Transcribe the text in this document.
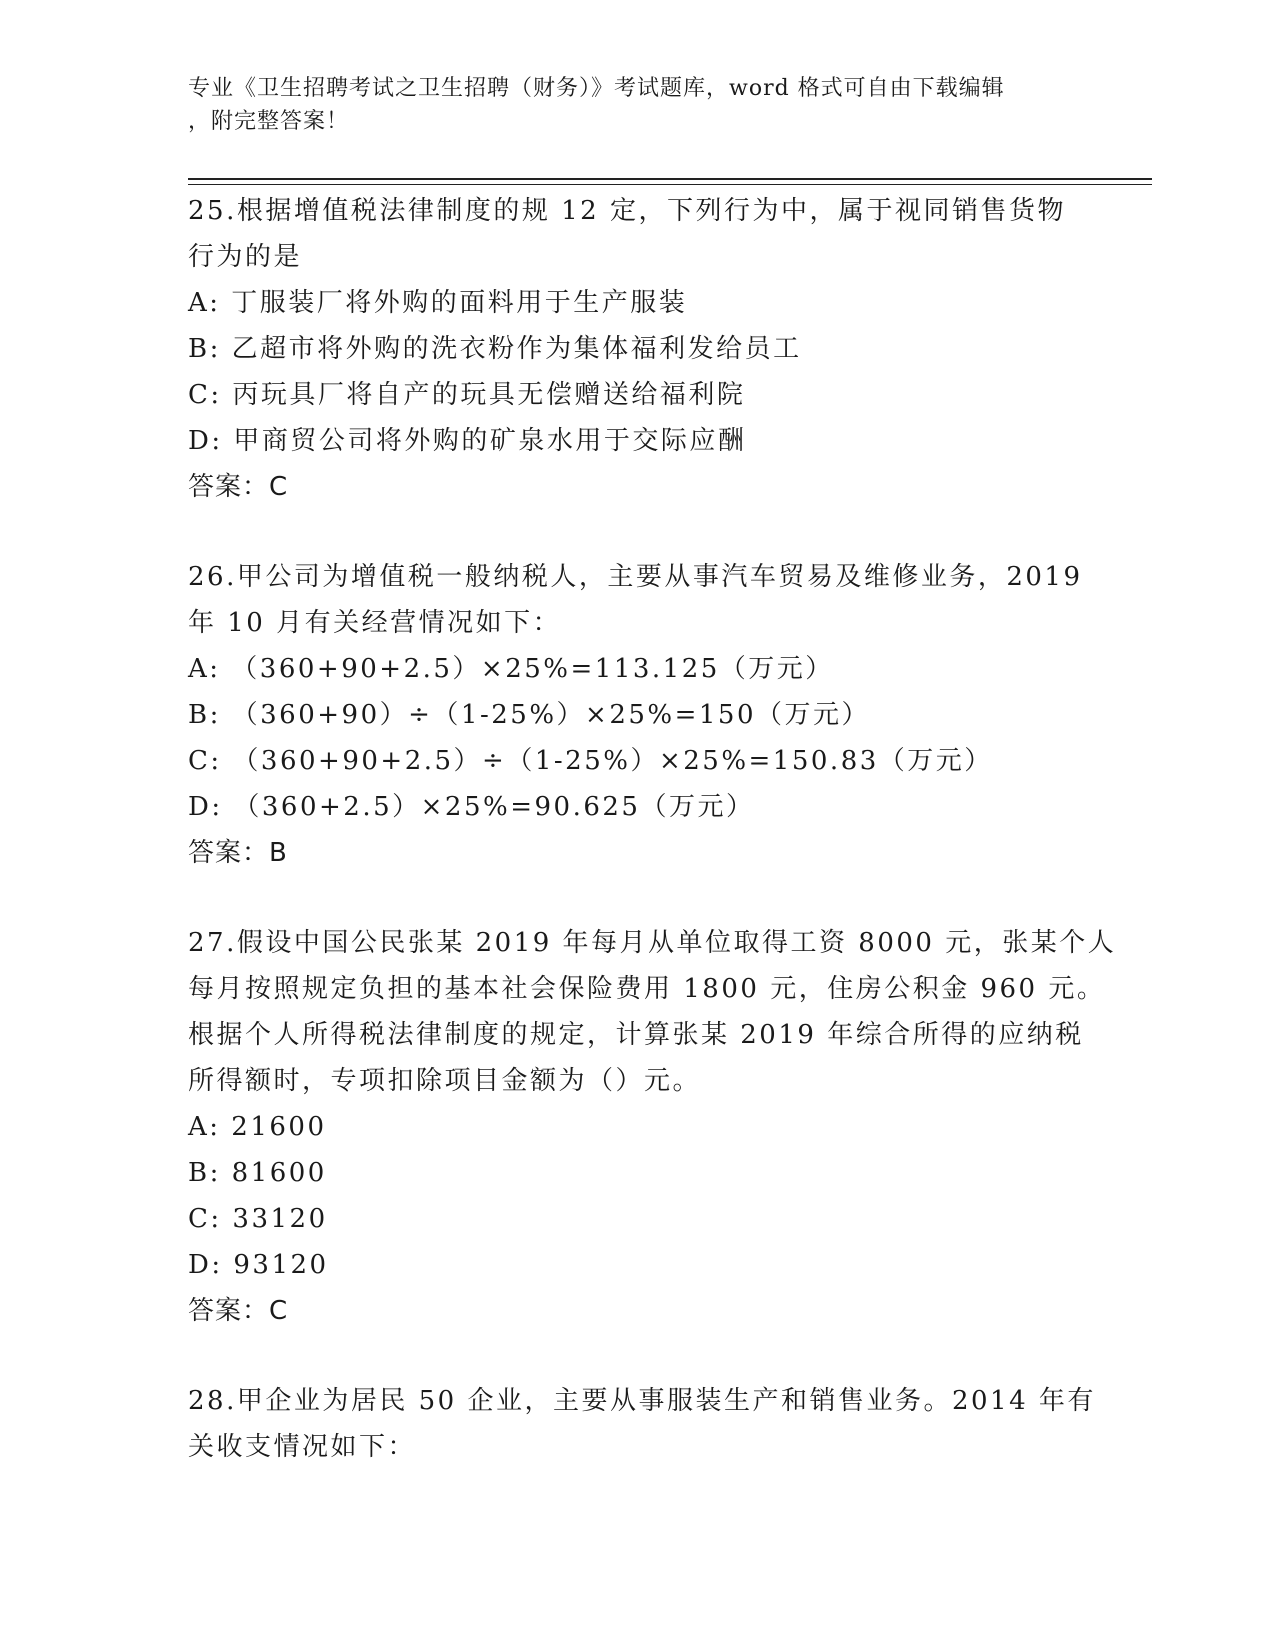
专业《卫生招聘考试之卫生招聘（财务）》考试题库，word 格式可自由下载编辑
，附完整答案！
25.根据增值税法律制度的规 12 定，下列行为中，属于视同销售货物
行为的是
A: 丁服装厂将外购的面料用于生产服装
B: 乙超市将外购的洗衣粉作为集体福利发给员工
C: 丙玩具厂将自产的玩具无偿赠送给福利院
D: 甲商贸公司将外购的矿泉水用于交际应酬
答案：C
26.甲公司为增值税一般纳税人，主要从事汽车贸易及维修业务，2019
年 10 月有关经营情况如下：
A: （360+90+2.5）×25%=113.125（万元）
B: （360+90）÷（1-25%）×25%=150（万元）
C: （360+90+2.5）÷（1-25%）×25%=150.83（万元）
D: （360+2.5）×25%=90.625（万元）
答案：B
27.假设中国公民张某 2019 年每月从单位取得工资 8000 元，张某个人
每月按照规定负担的基本社会保险费用 1800 元，住房公积金 960 元。
根据个人所得税法律制度的规定，计算张某 2019 年综合所得的应纳税
所得额时，专项扣除项目金额为（）元。
A: 21600
B: 81600
C: 33120
D: 93120
答案：C
28.甲企业为居民 50 企业，主要从事服装生产和销售业务。2014 年有
关收支情况如下：
